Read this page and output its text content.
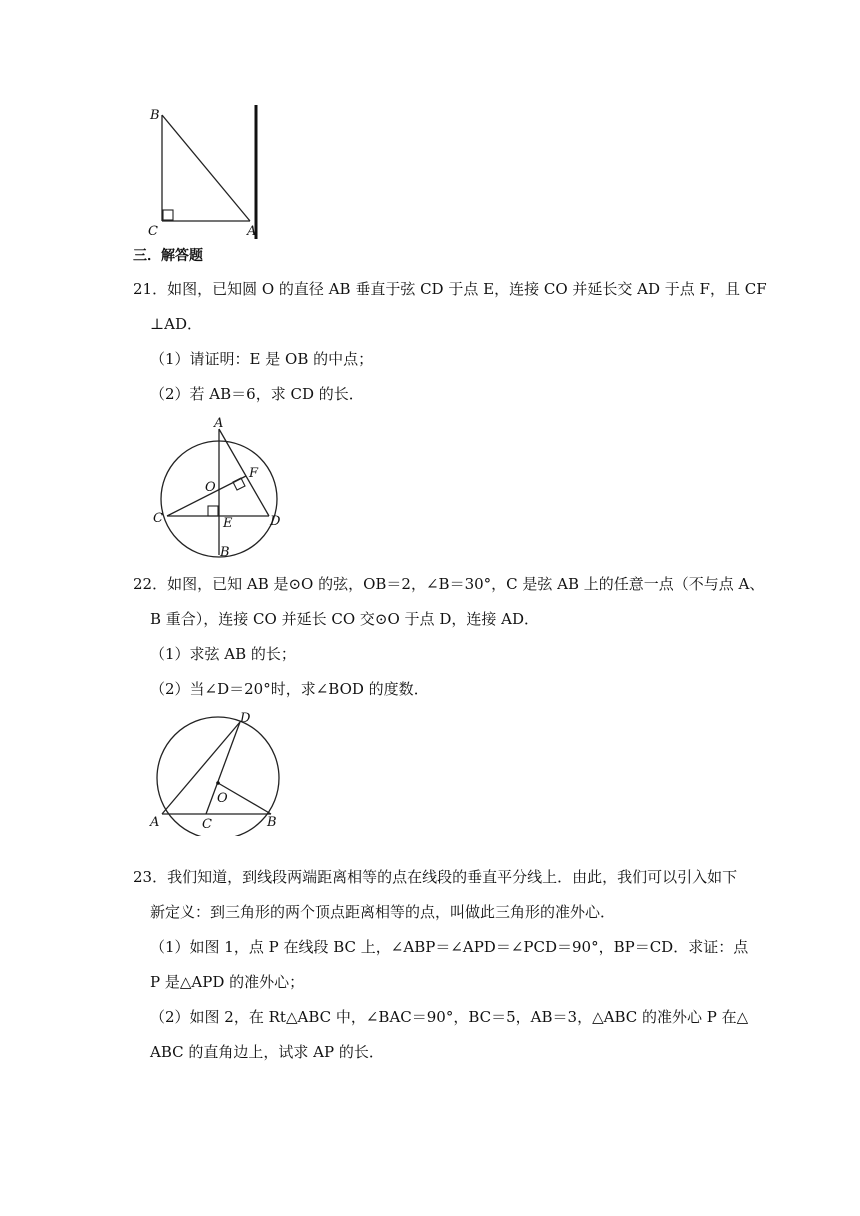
B
C	A
三．解答题
21．如图，已知圆 O 的直径 AB 垂直于弦 CD 于点 E，连接 CO 并延长交 AD 于点 F，且 CF
⊥AD．
（1）请证明：E 是 OB 的中点；
（2）若 AB＝6，求 CD 的长．
A
F
O
C	E	D
B
22．如图，已知 AB 是⊙O 的弦，OB＝2，∠B＝30°，C 是弦 AB 上的任意一点（不与点 A、
B 重合），连接 CO 并延长 CO 交⊙O 于点 D，连接 AD．
（1）求弦 AB 的长；
（2）当∠D＝20°时，求∠BOD 的度数．
D
O
A	C	B
23．我们知道，到线段两端距离相等的点在线段的垂直平分线上．由此，我们可以引入如下
新定义：到三角形的两个顶点距离相等的点，叫做此三角形的准外心．
（1）如图 1，点 P 在线段 BC 上，∠ABP＝∠APD＝∠PCD＝90°，BP＝CD．求证：点
P 是△APD 的准外心；
（2）如图 2，在 Rt△ABC 中，∠BAC＝90°，BC＝5，AB＝3，△ABC 的准外心 P 在△
ABC 的直角边上，试求 AP 的长．
